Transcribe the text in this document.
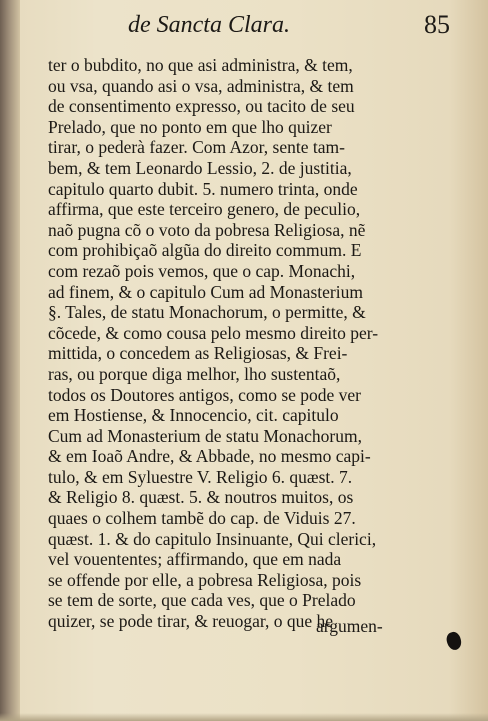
de Sancta Clara.	85
ter o bubdito, no que asi administra, & tem,
ou vsa, quando asi o vsa, administra, & tem
de consentimento expresso, ou tacito de seu
Prelado, que no ponto em que lho quizer
tirar, o pederà fazer. Com Azor, sente tam-
bem, & tem Leonardo Lessio, 2. de justitia,
capitulo quarto dubit. 5. numero trinta, onde
affirma, que este terceiro genero, de peculio,
naõ pugna cõ o voto da pobresa Religiosa, nẽ
com prohibiçaõ algũa do direito commum. E
com rezaõ pois vemos, que o cap. Monachi,
ad finem, & o capitulo Cum ad Monasterium
§. Tales, de statu Monachorum, o permitte, &
cõcede, & como cousa pelo mesmo direito per-
mittida, o concedem as Religiosas, & Frei-
ras, ou porque diga melhor, lho sustentaõ,
todos os Doutores antigos, como se pode ver
em Hostiense, & Innocencio, cit. capitulo
Cum ad Monasterium de statu Monachorum,
& em Ioaõ Andre, & Abbade, no mesmo capi-
tulo, & em Syluestre V. Religio 6. quæst. 7.
& Religio 8. quæst. 5. & noutros muitos, os
quaes o colhem tambẽ do cap. de Viduis 27.
quæst. 1. & do capitulo Insinuante, Qui clerici,
vel vouententes; affirmando, que em nada
se offende por elle, a pobresa Religiosa, pois
se tem de sorte, que cada ves, que o Prelado
quizer, se pode tirar, & reuogar, o que he
argumen-
